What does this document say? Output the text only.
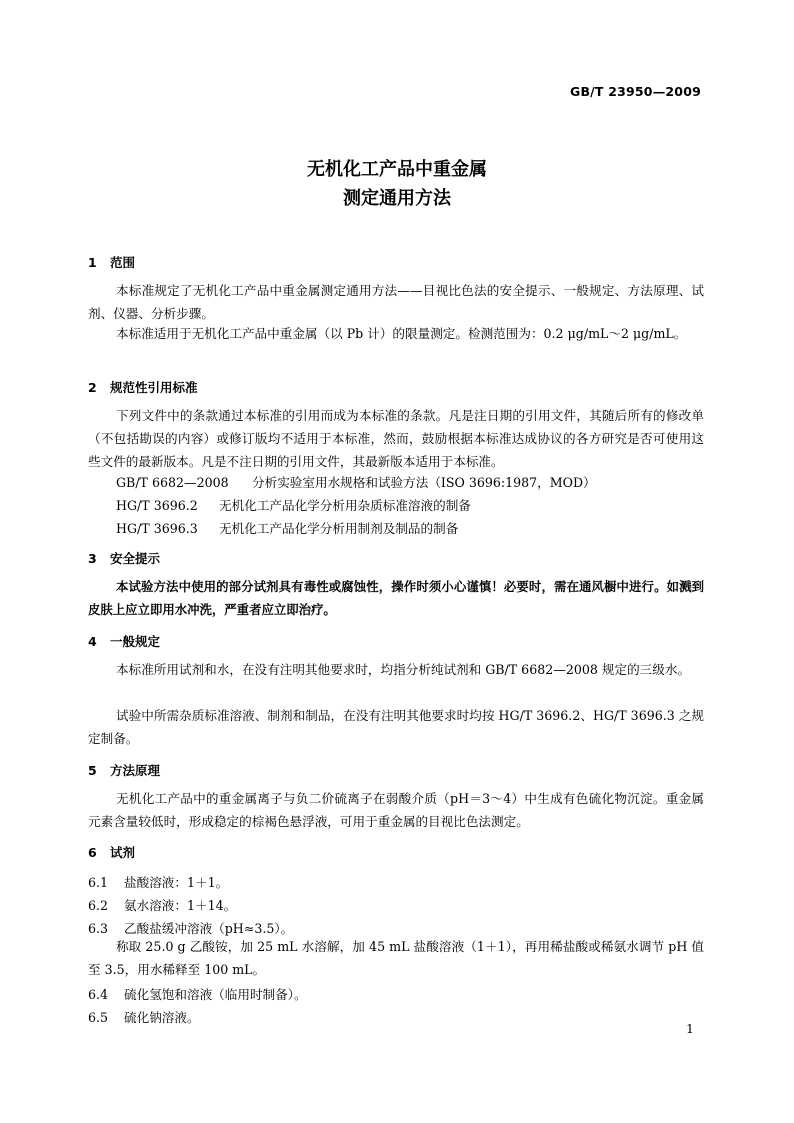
GB/T 23950—2009
无机化工产品中重金属
测定通用方法
1 范围
本标准规定了无机化工产品中重金属测定通用方法——目视比色法的安全提示、一般规定、方法原理、试剂、仪器、分析步骤。
本标准适用于无机化工产品中重金属（以 Pb 计）的限量测定。检测范围为：0.2 μg/mL～2 μg/mL。
2 规范性引用标准
下列文件中的条款通过本标准的引用而成为本标准的条款。凡是注日期的引用文件，其随后所有的修改单（不包括勘误的内容）或修订版均不适用于本标准，然而，鼓励根据本标准达成协议的各方研究是否可使用这些文件的最新版本。凡是不注日期的引用文件，其最新版本适用于本标准。
GB/T 6682—2008 分析实验室用水规格和试验方法（ISO 3696:1987，MOD）
HG/T 3696.2 无机化工产品化学分析用杂质标准溶液的制备
HG/T 3696.3 无机化工产品化学分析用制剂及制品的制备
3 安全提示
本试验方法中使用的部分试剂具有毒性或腐蚀性，操作时须小心谨慎！必要时，需在通风橱中进行。如溅到皮肤上应立即用水冲洗，严重者应立即治疗。
4 一般规定
本标准所用试剂和水，在没有注明其他要求时，均指分析纯试剂和 GB/T 6682—2008 规定的三级水。
试验中所需杂质标准溶液、制剂和制品，在没有注明其他要求时均按 HG/T 3696.2、HG/T 3696.3 之规定制备。
5 方法原理
无机化工产品中的重金属离子与负二价硫离子在弱酸介质（pH＝3～4）中生成有色硫化物沉淀。重金属元素含量较低时，形成稳定的棕褐色悬浮液，可用于重金属的目视比色法测定。
6 试剂
6.1 盐酸溶液：1＋1。
6.2 氨水溶液：1＋14。
6.3 乙酸盐缓冲溶液（pH≈3.5）。
称取 25.0 g 乙酸铵，加 25 mL 水溶解，加 45 mL 盐酸溶液（1＋1），再用稀盐酸或稀氨水调节 pH 值至 3.5，用水稀释至 100 mL。
6.4 硫化氢饱和溶液（临用时制备）。
6.5 硫化钠溶液。
1
